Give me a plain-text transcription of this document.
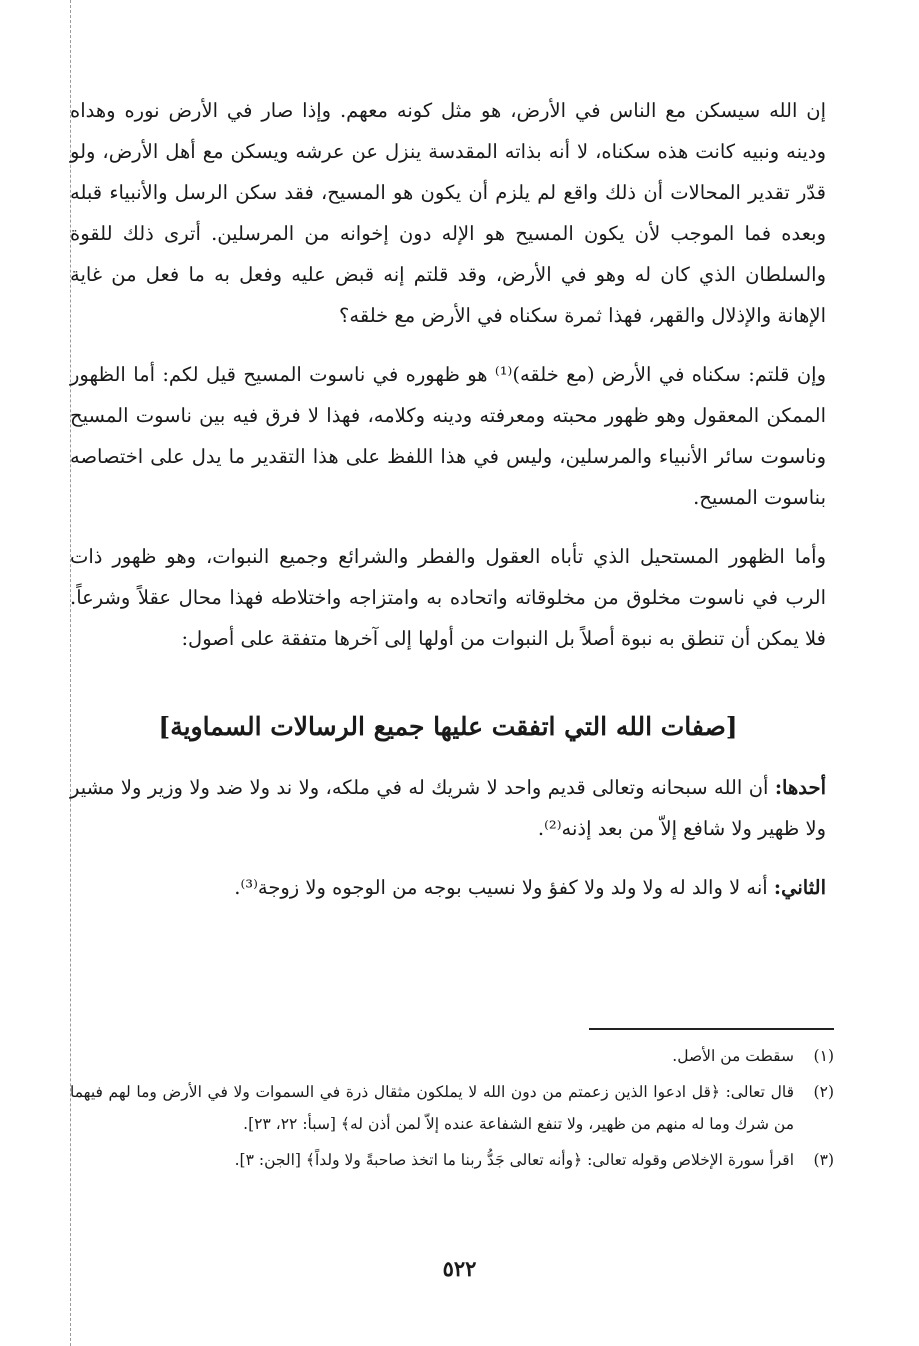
إن الله سيسكن مع الناس في الأرض، هو مثل كونه معهم. وإذا صار في الأرض نوره وهداه ودينه ونبيه كانت هذه سكناه، لا أنه بذاته المقدسة ينزل عن عرشه ويسكن مع أهل الأرض، ولو قدّر تقدير المحالات أن ذلك واقع لم يلزم أن يكون هو المسيح، فقد سكن الرسل والأنبياء قبله وبعده فما الموجب لأن يكون المسيح هو الإله دون إخوانه من المرسلين. أترى ذلك للقوة والسلطان الذي كان له وهو في الأرض، وقد قلتم إنه قبض عليه وفعل به ما فعل من غاية الإهانة والإذلال والقهر، فهذا ثمرة سكناه في الأرض مع خلقه؟

وإن قلتم: سكناه في الأرض (مع خلقه)⁽¹⁾ هو ظهوره في ناسوت المسيح قيل لكم: أما الظهور الممكن المعقول وهو ظهور محبته ومعرفته ودينه وكلامه، فهذا لا فرق فيه بين ناسوت المسيح وناسوت سائر الأنبياء والمرسلين، وليس في هذا اللفظ على هذا التقدير ما يدل على اختصاصه بناسوت المسيح.

وأما الظهور المستحيل الذي تأباه العقول والفطر والشرائع وجميع النبوات، وهو ظهور ذات الرب في ناسوت مخلوق من مخلوقاته واتحاده به وامتزاجه واختلاطه فهذا محال عقلاً وشرعاً. فلا يمكن أن تنطق به نبوة أصلاً بل النبوات من أولها إلى آخرها متفقة على أصول:

[صفات الله التي اتفقت عليها جميع الرسالات السماوية]

أحدها: أن الله سبحانه وتعالى قديم واحد لا شريك له في ملكه، ولا ند ولا ضد ولا وزير ولا مشير ولا ظهير ولا شافع إلاّ من بعد إذنه⁽²⁾.

الثاني: أنه لا والد له ولا ولد ولا كفؤ ولا نسيب بوجه من الوجوه ولا زوجة⁽³⁾.

(١)
سقطت من الأصل.
(٢)
قال تعالى: ﴿قل ادعوا الذين زعمتم من دون الله لا يملكون مثقال ذرة في السموات ولا في الأرض وما لهم فيهما من شرك وما له منهم من ظهير، ولا تنفع الشفاعة عنده إلاّ لمن أذن له﴾ [سبأ: ٢٢، ٢٣].
(٣)
اقرأ سورة الإخلاص وقوله تعالى: ﴿وأنه تعالى جَدُّ ربنا ما اتخذ صاحبةً ولا ولداً﴾ [الجن: ٣].
٥٢٢
